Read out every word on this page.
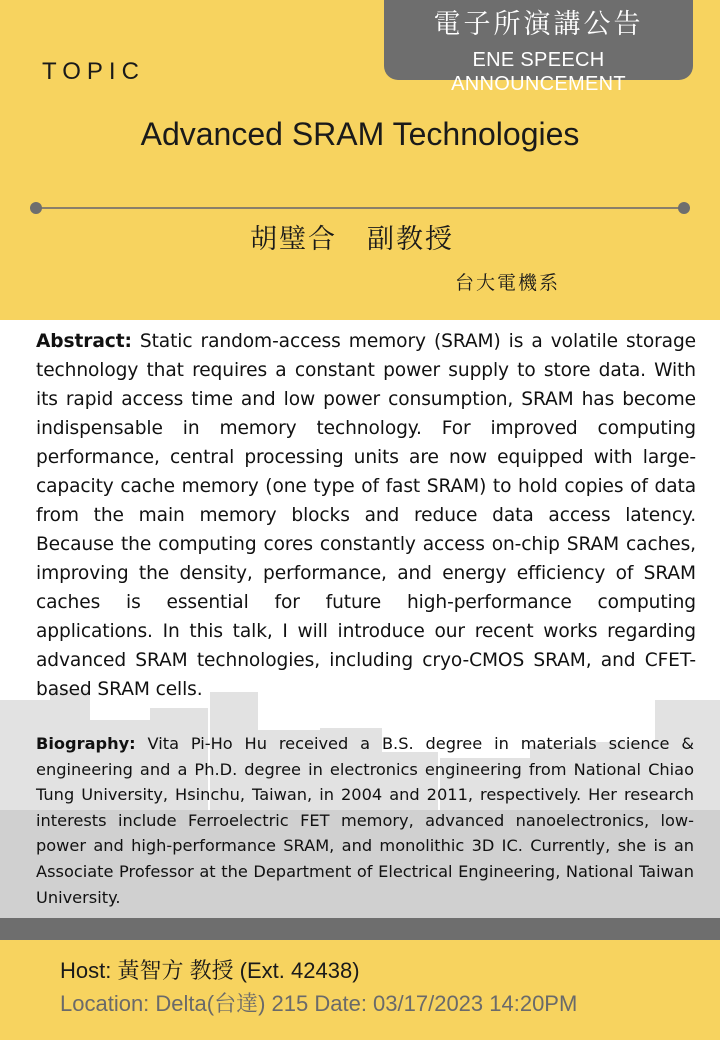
電子所演講公告
ENE SPEECH ANNOUNCEMENT
TOPIC
Advanced SRAM Technologies
胡璧合 副教授
台大電機系
Abstract: Static random-access memory (SRAM) is a volatile storage technology that requires a constant power supply to store data. With its rapid access time and low power consumption, SRAM has become indispensable in memory technology. For improved computing performance, central processing units are now equipped with large-capacity cache memory (one type of fast SRAM) to hold copies of data from the main memory blocks and reduce data access latency. Because the computing cores constantly access on-chip SRAM caches, improving the density, performance, and energy efficiency of SRAM caches is essential for future high-performance computing applications. In this talk, I will introduce our recent works regarding advanced SRAM technologies, including cryo-CMOS SRAM, and CFET-based SRAM cells.
Biography: Vita Pi-Ho Hu received a B.S. degree in materials science & engineering and a Ph.D. degree in electronics engineering from National Chiao Tung University, Hsinchu, Taiwan, in 2004 and 2011, respectively. Her research interests include Ferroelectric FET memory, advanced nanoelectronics, low-power and high-performance SRAM, and monolithic 3D IC. Currently, she is an Associate Professor at the Department of Electrical Engineering, National Taiwan University.
Host: 黃智方 教授 (Ext. 42438)
Location: Delta(台達) 215 Date: 03/17/2023 14:20PM
